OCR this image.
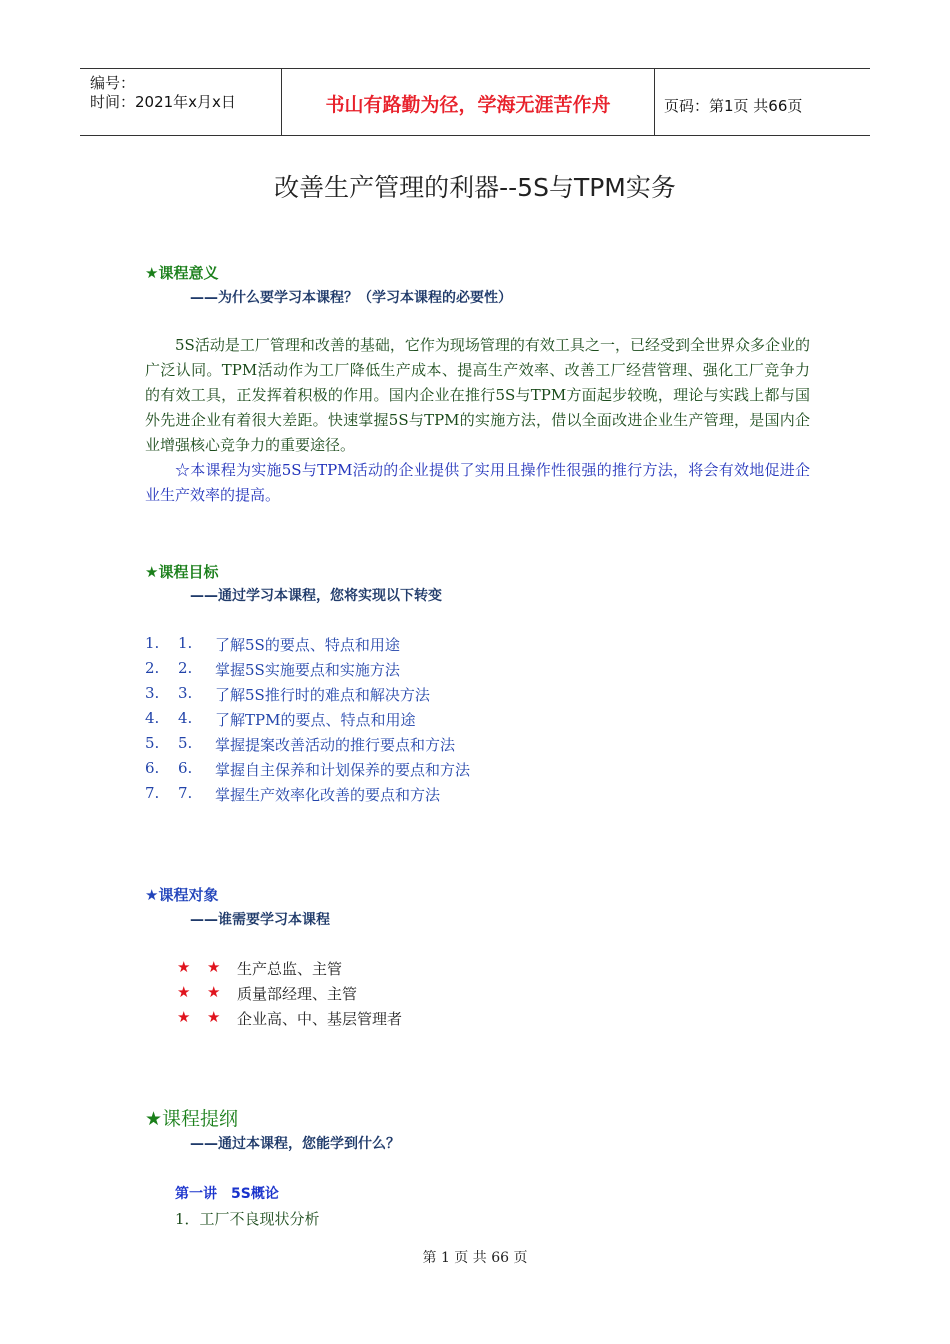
编号：
时间：2021年x月x日	书山有路勤为径，学海无涯苦作舟	页码：第1页 共66页
改善生产管理的利器--5S与TPM实务
★课程意义
——为什么要学习本课程？（学习本课程的必要性）

5S活动是工厂管理和改善的基础，它作为现场管理的有效工具之一，已经受到全世界众多企业的广泛认同。TPM活动作为工厂降低生产成本、提高生产效率、改善工厂经营管理、强化工厂竞争力的有效工具，正发挥着积极的作用。国内企业在推行5S与TPM方面起步较晚，理论与实践上都与国外先进企业有着很大差距。快速掌握5S与TPM的实施方法，借以全面改进企业生产管理，是国内企业增强核心竞争力的重要途径。

☆本课程为实施5S与TPM活动的企业提供了实用且操作性很强的推行方法，将会有效地促进企业生产效率的提高。

★课程目标
——通过学习本课程，您将实现以下转变
1. 1. 了解5S的要点、特点和用途
2. 2. 掌握5S实施要点和实施方法
3. 3. 了解5S推行时的难点和解决方法
4. 4. 了解TPM的要点、特点和用途
5. 5. 掌握提案改善活动的推行要点和方法
6. 6. 掌握自主保养和计划保养的要点和方法
7. 7. 掌握生产效率化改善的要点和方法
★课程对象
——谁需要学习本课程
★ ★ 生产总监、主管
★ ★ 质量部经理、主管
★ ★ 企业高、中、基层管理者
★课程提纲
——通过本课程，您能学到什么？
第一讲　5S概论
1．工厂不良现状分析
第 1 页 共 66 页
